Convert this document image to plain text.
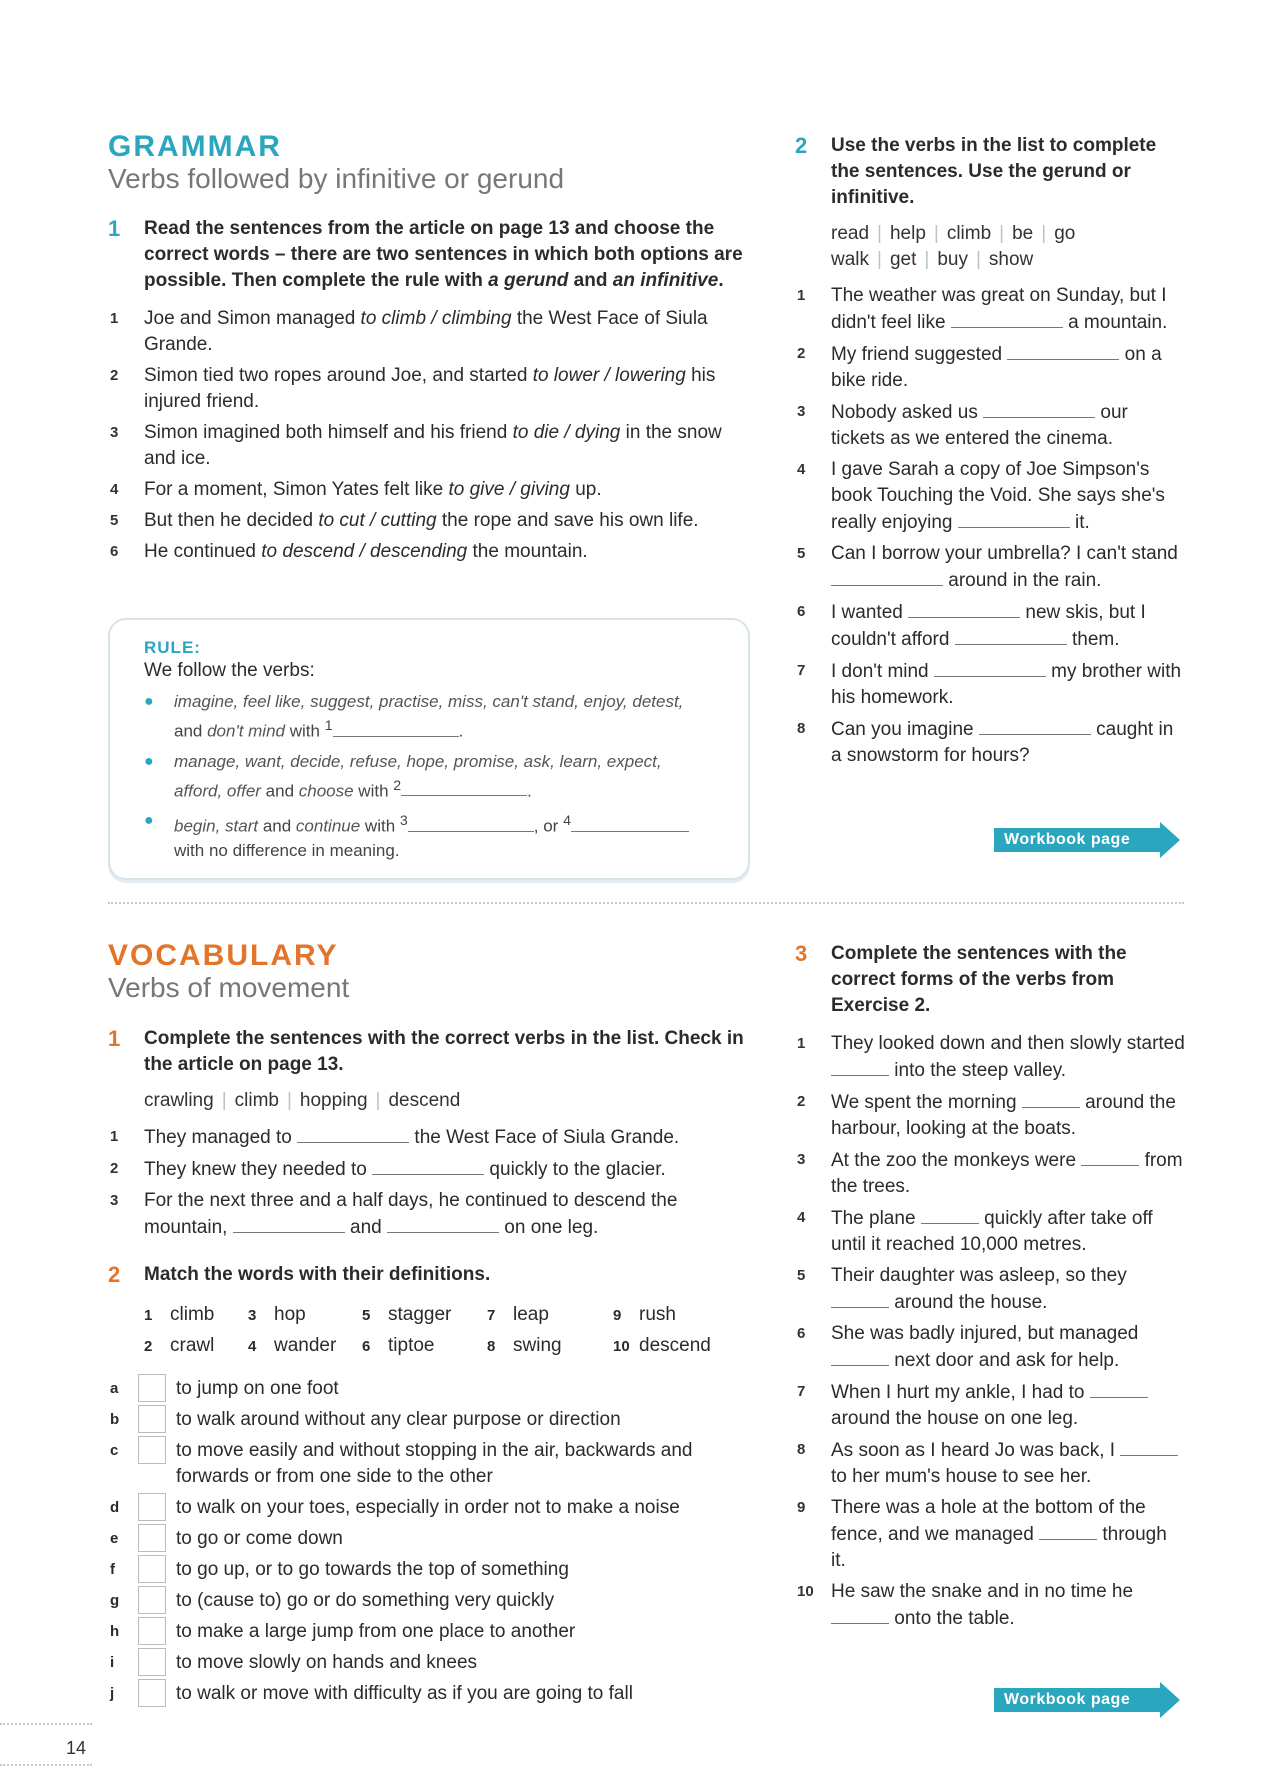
GRAMMAR
Verbs followed by infinitive or gerund
1 Read the sentences from the article on page 13 and choose the correct words – there are two sentences in which both options are possible. Then complete the rule with a gerund and an infinitive.
1 Joe and Simon managed to climb / climbing the West Face of Siula Grande.
2 Simon tied two ropes around Joe, and started to lower / lowering his injured friend.
3 Simon imagined both himself and his friend to die / dying in the snow and ice.
4 For a moment, Simon Yates felt like to give / giving up.
5 But then he decided to cut / cutting the rope and save his own life.
6 He continued to descend / descending the mountain.
RULE:
We follow the verbs:
● imagine, feel like, suggest, practise, miss, can't stand, enjoy, detest, and don't mind with $^1$	.
● manage, want, decide, refuse, hope, promise, ask, learn, expect, afford, offer and choose with $^2$	.
● begin, start and continue with $^3$	, or $^4$
with no difference in meaning.
2 Use the verbs in the list to complete the sentences. Use the gerund or infinitive.
read | help | climb | be | go
walk | get | buy | show
1 The weather was great on Sunday, but I didn't feel like	a mountain.
2 My friend suggested	on a bike ride.
3 Nobody asked us	our tickets as we entered the cinema.
4 I gave Sarah a copy of Joe Simpson's book Touching the Void. She says she's really enjoying	it.
5 Can I borrow your umbrella? I can't stand  around in the rain.
6 I wanted	new skis, but I couldn't afford	them.
7 I don't mind	my brother with his homework.
8 Can you imagine	caught in a snowstorm for hours?
Workbook page 10
VOCABULARY
Verbs of movement
1 Complete the sentences with the correct verbs in the list. Check in the article on page 13.
crawling | climb | hopping | descend
1 They managed to	the West Face of Siula Grande.
2 They knew they needed to	quickly to the glacier.
3 For the next three and a half days, he continued to descend the mountain,	and	on one leg.
2 Match the words with their definitions.
1 climb	3 hop	5 stagger	7 leap	9 rush
2 crawl	4 wander	6 tiptoe	8 swing	10 descend
a	to jump on one foot
b	to walk around without any clear purpose or direction
c	to move easily and without stopping in the air, backwards and forwards or from one side to the other
d	to walk on your toes, especially in order not to make a noise
e	to go or come down
f	to go up, or to go towards the top of something
g	to (cause to) go or do something very quickly
h	to make a large jump from one place to another
i	to move slowly on hands and knees
j	to walk or move with difficulty as if you are going to fall
3 Complete the sentences with the correct forms of the verbs from Exercise 2.
1 They looked down and then slowly started  into the steep valley.
2 We spent the morning	around the harbour, looking at the boats.
3 At the zoo the monkeys were	from the trees.
4 The plane	quickly after take off until it reached 10,000 metres.
5 Their daughter was asleep, so they  around the house.
6 She was badly injured, but managed  next door and ask for help.
7 When I hurt my ankle, I had to  around the house on one leg.
8 As soon as I heard Jo was back, I  to her mum's house to see her.
9 There was a hole at the bottom of the fence, and we managed	through it.
10 He saw the snake and in no time he  onto the table.
Workbook page 12
14
